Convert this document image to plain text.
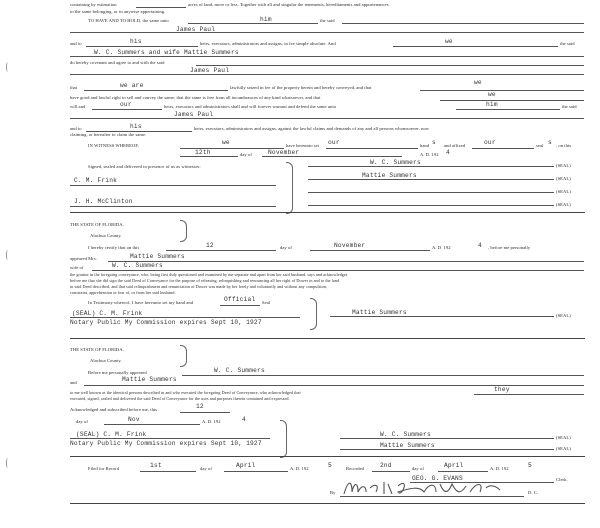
containing by estimation	acres of land, more or less. Together with all and singular the tenements, hereditaments and appurtenances
to the same belonging, or in anywise appertaining.
TO HAVE AND TO HOLD, the same unto	him	the said
James Paul
and to	his	heirs, executors, administrators and assigns, in fee simple absolute. And	we	the said
W. C. Summers and wife Mattie Summers
do hereby covenant and agree to and with the said
James Paul
that	we are	lawfully seized in fee of the property herein and hereby conveyed, and that
we
have good and lawful right to sell and convey the same; that the same is free from all incumbrances of any kind whatsoever, and that	we
will and	our	heirs, executors and administrators shall and will forever warrant and defend the same unto	him	the said
James Paul
and to	his	heirs, executors, administrators and assigns, against the lawful claims and demands of any and all persons whomsoever, now
claiming, or hereafter to claim the same.
IN WITNESS WHEREOF,	we	have hereunto set our	hand s and affixed	our	seal s , on this
12th	day of	November	A. D. 192 4
Signed, sealed and delivered in presence of us as witnesses:
W. C. Summers	(SEAL)
Mattie Summers	(SEAL)
(SEAL)
(SEAL)
C. M. Frink
J. H. McClinton
THE STATE OF FLORIDA,
Alachua County.
I hereby certify that on this	12	day of	November	A. D. 192	4 , before me personally
appeared Mrs.	Mattie Summers
wife of	W. C. Summers
the grantor in the foregoing conveyance, who, being first duly questioned and examined by me separate and apart from her said husband, says and acknowledges
before me that she did sign the said Deed of Conveyance for the purpose of releasing, relinquishing and renouncing all her right of Dower in and to the land
in said Deed described, and that said relinquishment and renunciation of Dower was made by her freely and voluntarily and without any compulsion,
constraint, apprehension or fear of, or from her said husband.
In Testimony whereof, I have hereunto set my hand and	Official Seal
(SEAL) C. M. Frink
Notary Public My Commission expires Sept 10, 1927
Mattie Summers	(SEAL)
THE STATE OF FLORIDA,
Alachua County.
Before me personally appeared	W. C. Summers
and	Mattie Summers
to me well known as the identical persons described in and who executed the foregoing Deed of Conveyance, who acknowledged that	they
executed, signed, sealed and delivered the said Deed of Conveyance for the uses and purposes therein contained and expressed.
Acknowledged and subscribed before me, this	12
day of	Nov	A. D. 192	4
(SEAL) C. M. Frink
Notary Public My Commission expires Sept 10, 1927
W. C. Summers	(SEAL)
Mattie Summers	(SEAL)
Filed for Record	1st	day of	April	A. D. 192	5	Recorded	2nd	day of	April	A. D. 192	5
Clerk.
GEO. G. EVANS
By	D. C.
